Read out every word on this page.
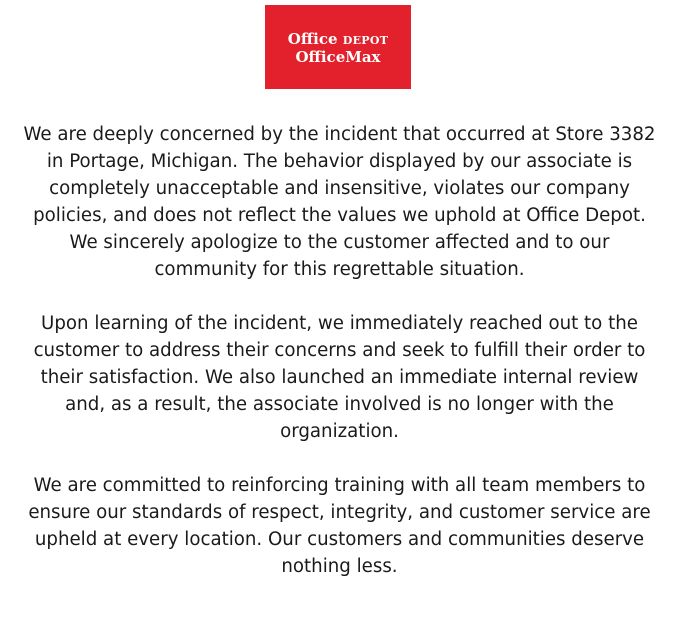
Office DEPOT
OfficeMax

We are deeply concerned by the incident that occurred at Store 3382 in Portage, Michigan. The behavior displayed by our associate is completely unacceptable and insensitive, violates our company policies, and does not reflect the values we uphold at Office Depot. We sincerely apologize to the customer affected and to our community for this regrettable situation.

Upon learning of the incident, we immediately reached out to the customer to address their concerns and seek to fulfill their order to their satisfaction. We also launched an immediate internal review and, as a result, the associate involved is no longer with the organization.

We are committed to reinforcing training with all team members to ensure our standards of respect, integrity, and customer service are upheld at every location. Our customers and communities deserve nothing less.
